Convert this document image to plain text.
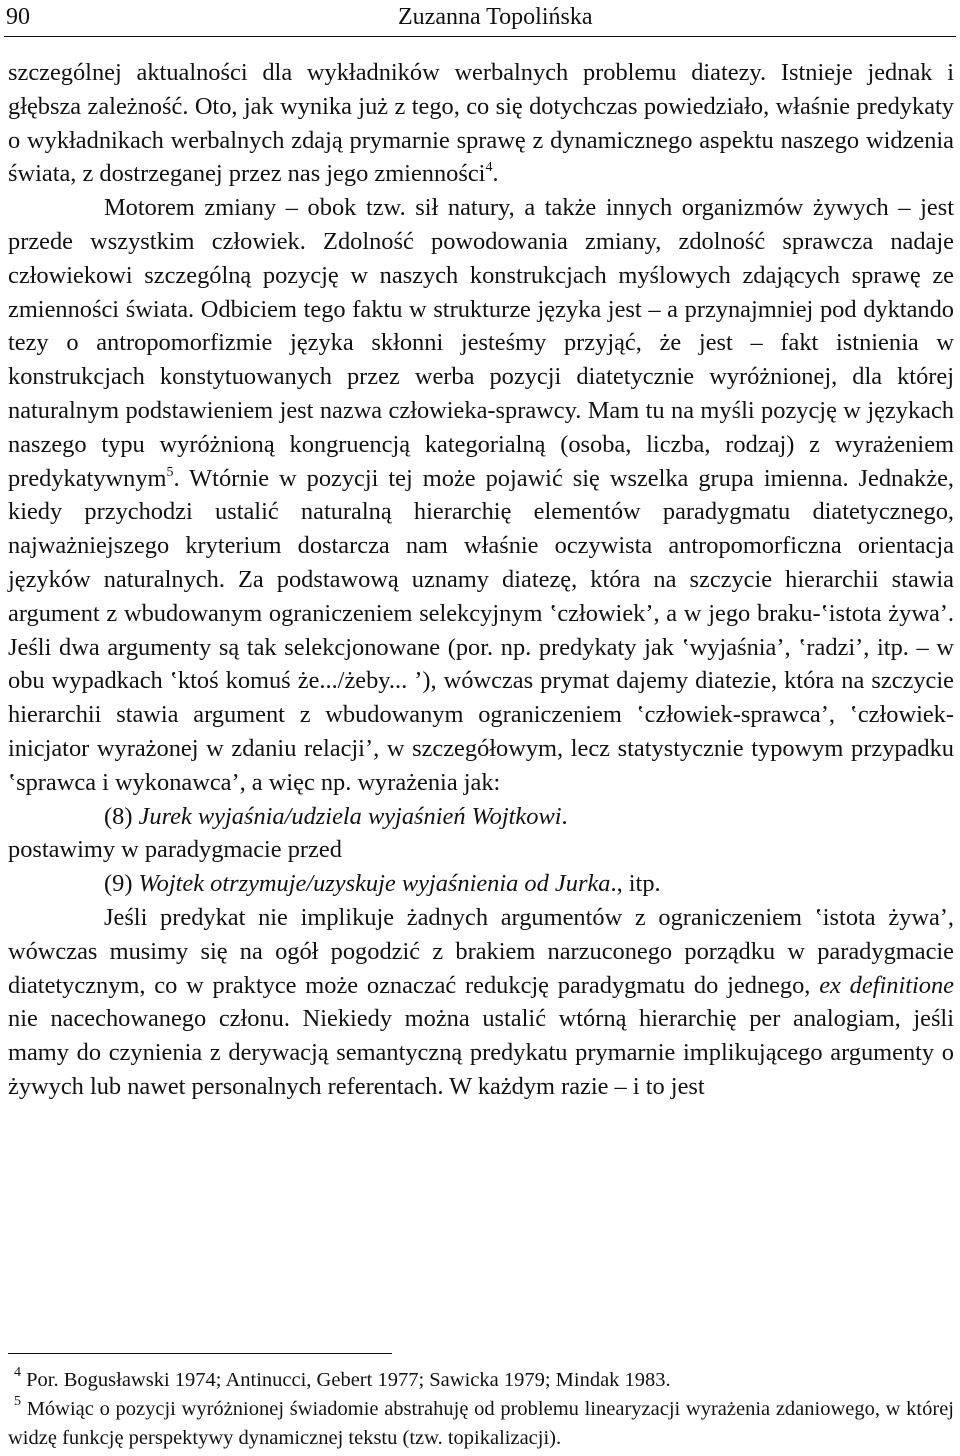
90	Zuzanna Topolińska

szczególnej aktualności dla wykładników werbalnych problemu diatezy. Istnieje jednak i głębsza zależność. Oto, jak wynika już z tego, co się dotychczas powiedziało, właśnie predykaty o wykładnikach werbalnych zdają prymarnie sprawę z dynamicznego aspektu naszego widzenia świata, z dostrzeganej przez nas jego zmienności$^4$.

Motorem zmiany – obok tzw. sił natury, a także innych organizmów żywych – jest przede wszystkim człowiek. Zdolność powodowania zmiany, zdolność sprawcza nadaje człowiekowi szczególną pozycję w naszych konstrukcjach myślowych zdających sprawę ze zmienności świata. Odbiciem tego faktu w strukturze języka jest – a przynajmniej pod dyktando tezy o antropomorfizmie języka skłonni jesteśmy przyjąć, że jest – fakt istnienia w konstrukcjach konstytuowanych przez werba pozycji diatetycznie wyróżnionej, dla której naturalnym podstawieniem jest nazwa człowieka-sprawcy. Mam tu na myśli pozycję w językach naszego typu wyróżnioną kongruencją kategorialną (osoba, liczba, rodzaj) z wyrażeniem predykatywnym$^5$. Wtórnie w pozycji tej może pojawić się wszelka grupa imienna. Jednakże, kiedy przychodzi ustalić naturalną hierarchię elementów paradygmatu diatetycznego, najważniejszego kryterium dostarcza nam właśnie oczywista antropomorficzna orientacja języków naturalnych. Za podstawową uznamy diatezę, która na szczycie hierarchii stawia argument z wbudowanym ograniczeniem selekcyjnym ʽczłowiek’, a w jego braku-ʽistota żywa’. Jeśli dwa argumenty są tak selekcjonowane (por. np. predykaty jak ʽwyjaśnia’, ʽradzi’, itp. – w obu wypadkach ʽktoś komuś że.../żeby... ’), wówczas prymat dajemy diatezie, która na szczycie hierarchii stawia argument z wbudowanym ograniczeniem ʽczłowiek-sprawca’, ʽczłowiek-inicjator wyrażonej w zdaniu relacji’, w szczegółowym, lecz statystycznie typowym przypadku ʽsprawca i wykonawca’, a więc np. wyrażenia jak:

(8) Jurek wyjaśnia/udziela wyjaśnień Wojtkowi.

postawimy w paradygmacie przed

(9) Wojtek otrzymuje/uzyskuje wyjaśnienia od Jurka., itp.

Jeśli predykat nie implikuje żadnych argumentów z ograniczeniem ʽistota żywa’, wówczas musimy się na ogół pogodzić z brakiem narzuconego porządku w paradygmacie diatetycznym, co w praktyce może oznaczać redukcję paradygmatu do jednego, ex definitione nie nacechowanego członu. Niekiedy można ustalić wtórną hierarchię per analogiam, jeśli mamy do czynienia z derywacją semantyczną predykatu prymarnie implikującego argumenty o żywych lub nawet personalnych referentach. W każdym razie – i to jest

$^4$ Por. Bogusławski 1974; Antinucci, Gebert 1977; Sawicka 1979; Mindak 1983.

$^5$ Mówiąc o pozycji wyróżnionej świadomie abstrahuję od problemu linearyzacji wyrażenia zdaniowego, w której widzę funkcję perspektywy dynamicznej tekstu (tzw. topikalizacji).
